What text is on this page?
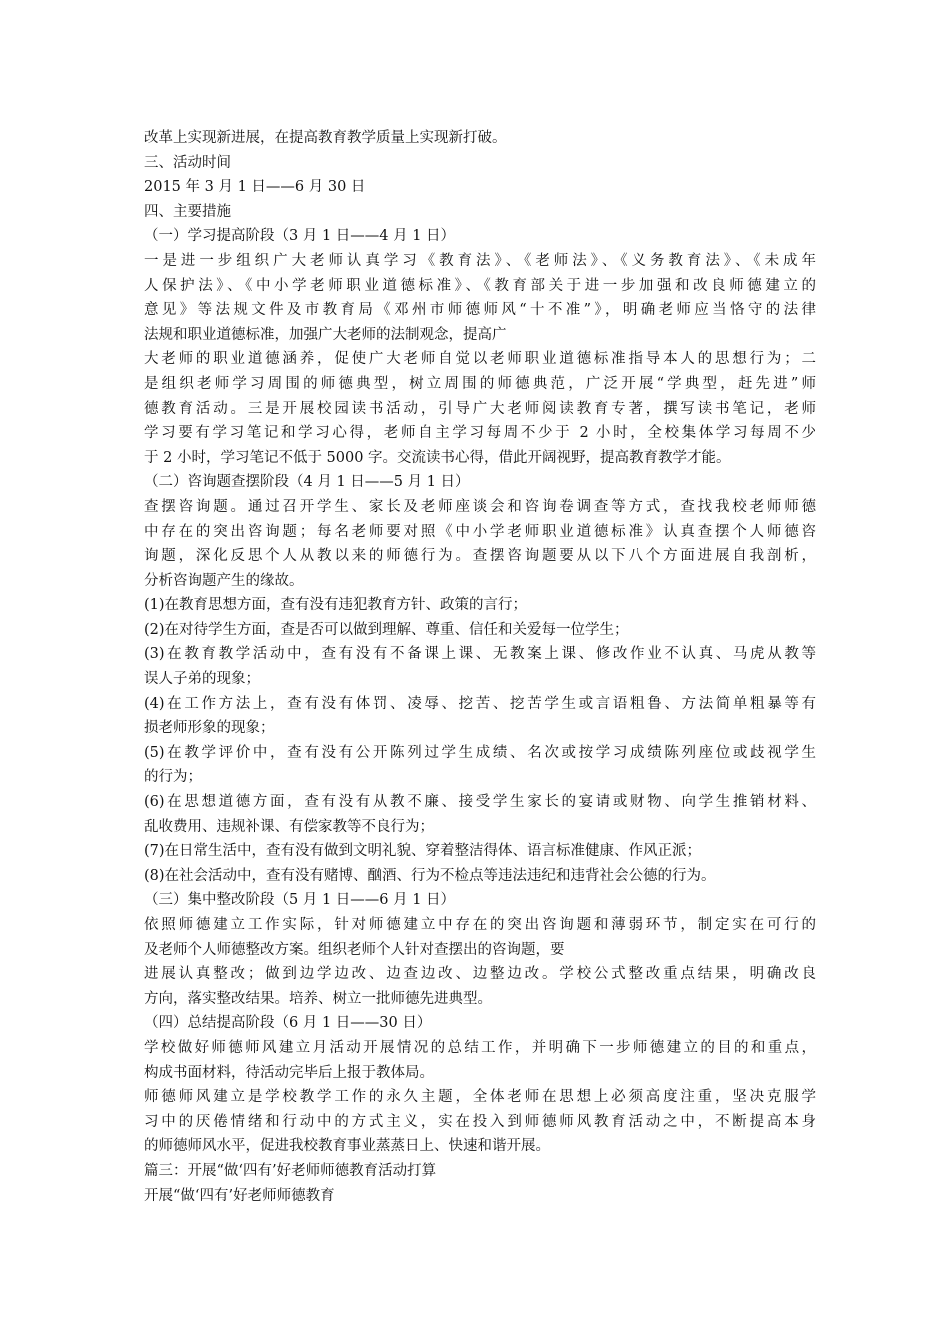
改革上实现新进展，在提高教育教学质量上实现新打破。
三、活动时间
2015 年 3 月 1 日——6 月 30 日
四、主要措施
（一）学习提高阶段（3 月 1 日——4 月 1 日）
一是进一步组织广大老师认真学习《教育法》、《老师法》、《义务教育法》、《未成年
人保护法》、《中小学老师职业道德标准》、《教育部关于进一步加强和改良师德建立的
意见》等法规文件及市教育局《邓州市师德师风“十不准”》，明确老师应当恪守的法律
法规和职业道德标准，加强广大老师的法制观念，提高广
大老师的职业道德涵养，促使广大老师自觉以老师职业道德标准指导本人的思想行为；二
是组织老师学习周围的师德典型，树立周围的师德典范，广泛开展“学典型，赶先进”师
德教育活动。三是开展校园读书活动，引导广大老师阅读教育专著，撰写读书笔记，老师
学习要有学习笔记和学习心得，老师自主学习每周不少于 2 小时，全校集体学习每周不少
于 2 小时，学习笔记不低于 5000 字。交流读书心得，借此开阔视野，提高教育教学才能。
（二）咨询题查摆阶段（4 月 1 日——5 月 1 日）
查摆咨询题。通过召开学生、家长及老师座谈会和咨询卷调查等方式，查找我校老师师德
中存在的突出咨询题；每名老师要对照《中小学老师职业道德标准》认真查摆个人师德咨
询题，深化反思个人从教以来的师德行为。查摆咨询题要从以下八个方面进展自我剖析，
分析咨询题产生的缘故。
(1)在教育思想方面，查有没有违犯教育方针、政策的言行；
(2)在对待学生方面，查是否可以做到理解、尊重、信任和关爱每一位学生；
(3)在教育教学活动中，查有没有不备课上课、无教案上课、修改作业不认真、马虎从教等
误人子弟的现象；
(4)在工作方法上，查有没有体罚、凌辱、挖苦、挖苦学生或言语粗鲁、方法简单粗暴等有
损老师形象的现象；
(5)在教学评价中，查有没有公开陈列过学生成绩、名次或按学习成绩陈列座位或歧视学生
的行为；
(6)在思想道德方面，查有没有从教不廉、接受学生家长的宴请或财物、向学生推销材料、
乱收费用、违规补课、有偿家教等不良行为；
(7)在日常生活中，查有没有做到文明礼貌、穿着整洁得体、语言标准健康、作风正派；
(8)在社会活动中，查有没有赌博、酗酒、行为不检点等违法违纪和违背社会公德的行为。
（三）集中整改阶段（5 月 1 日——6 月 1 日）
依照师德建立工作实际，针对师德建立中存在的突出咨询题和薄弱环节，制定实在可行的
及老师个人师德整改方案。组织老师个人针对查摆出的咨询题，要
进展认真整改；做到边学边改、边查边改、边整边改。学校公式整改重点结果，明确改良
方向，落实整改结果。培养、树立一批师德先进典型。
（四）总结提高阶段（6 月 1 日——30 日）
学校做好师德师风建立月活动开展情况的总结工作，并明确下一步师德建立的目的和重点，
构成书面材料，待活动完毕后上报于教体局。
师德师风建立是学校教学工作的永久主题，全体老师在思想上必须高度注重，坚决克服学
习中的厌倦情绪和行动中的方式主义，实在投入到师德师风教育活动之中，不断提高本身
的师德师风水平，促进我校教育事业蒸蒸日上、快速和谐开展。
篇三：开展“做‘四有’好老师师德教育活动打算
开展“做‘四有’好老师师德教育
